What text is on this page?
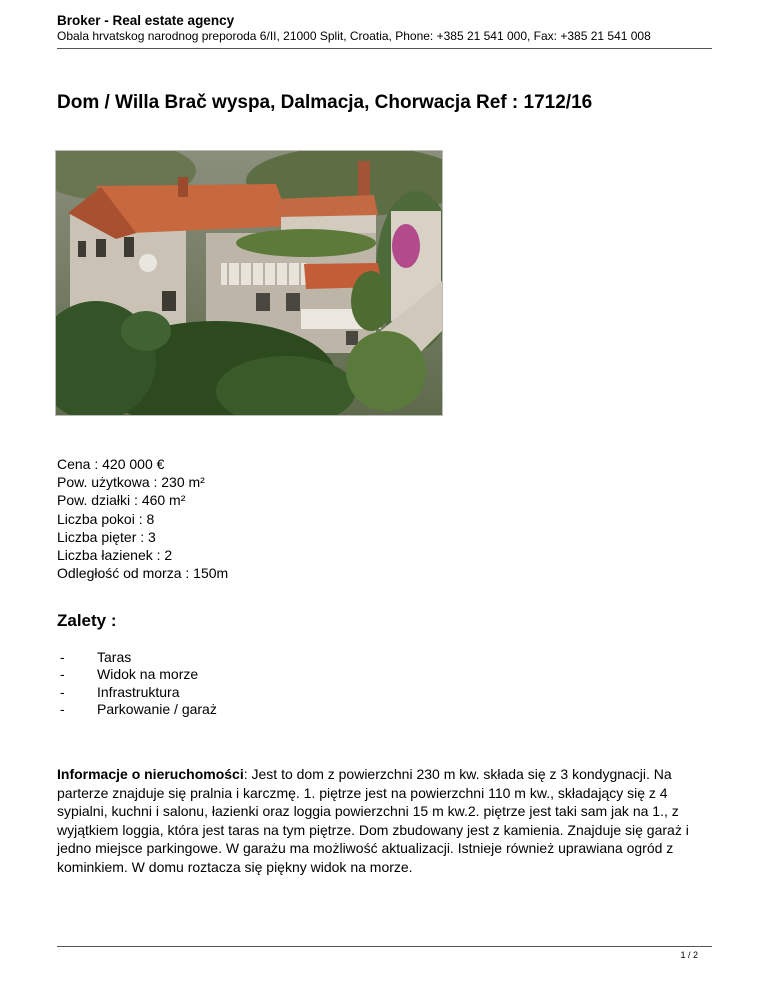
Broker - Real estate agency
Obala hrvatskog narodnog preporoda 6/II, 21000 Split, Croatia, Phone: +385 21 541 000, Fax: +385 21 541 008
Dom / Willa Brač wyspa, Dalmacja, Chorwacja Ref : 1712/16
Cena : 420 000 €
Pow. użytkowa : 230 m²
Pow. działki : 460 m²
Liczba pokoi : 8
Liczba pięter : 3
Liczba łazienek : 2
Odległość od morza : 150m
Zalety :
- Taras
- Widok na morze
- Infrastruktura
- Parkowanie / garaż
Informacje o nieruchomości: Jest to dom z powierzchni 230 m kw. składa się z 3 kondygnacji. Na parterze znajduje się pralnia i karczmę. 1. piętrze jest na powierzchni 110 m kw., składający się z 4 sypialni, kuchni i salonu, łazienki oraz loggia powierzchni 15 m kw.2. piętrze jest taki sam jak na 1., z wyjątkiem loggia, która jest taras na tym piętrze. Dom zbudowany jest z kamienia. Znajduje się garaż i jedno miejsce parkingowe. W garażu ma możliwość aktualizacji. Istnieje również uprawiana ogród z kominkiem. W domu roztacza się piękny widok na morze.
1 / 2
